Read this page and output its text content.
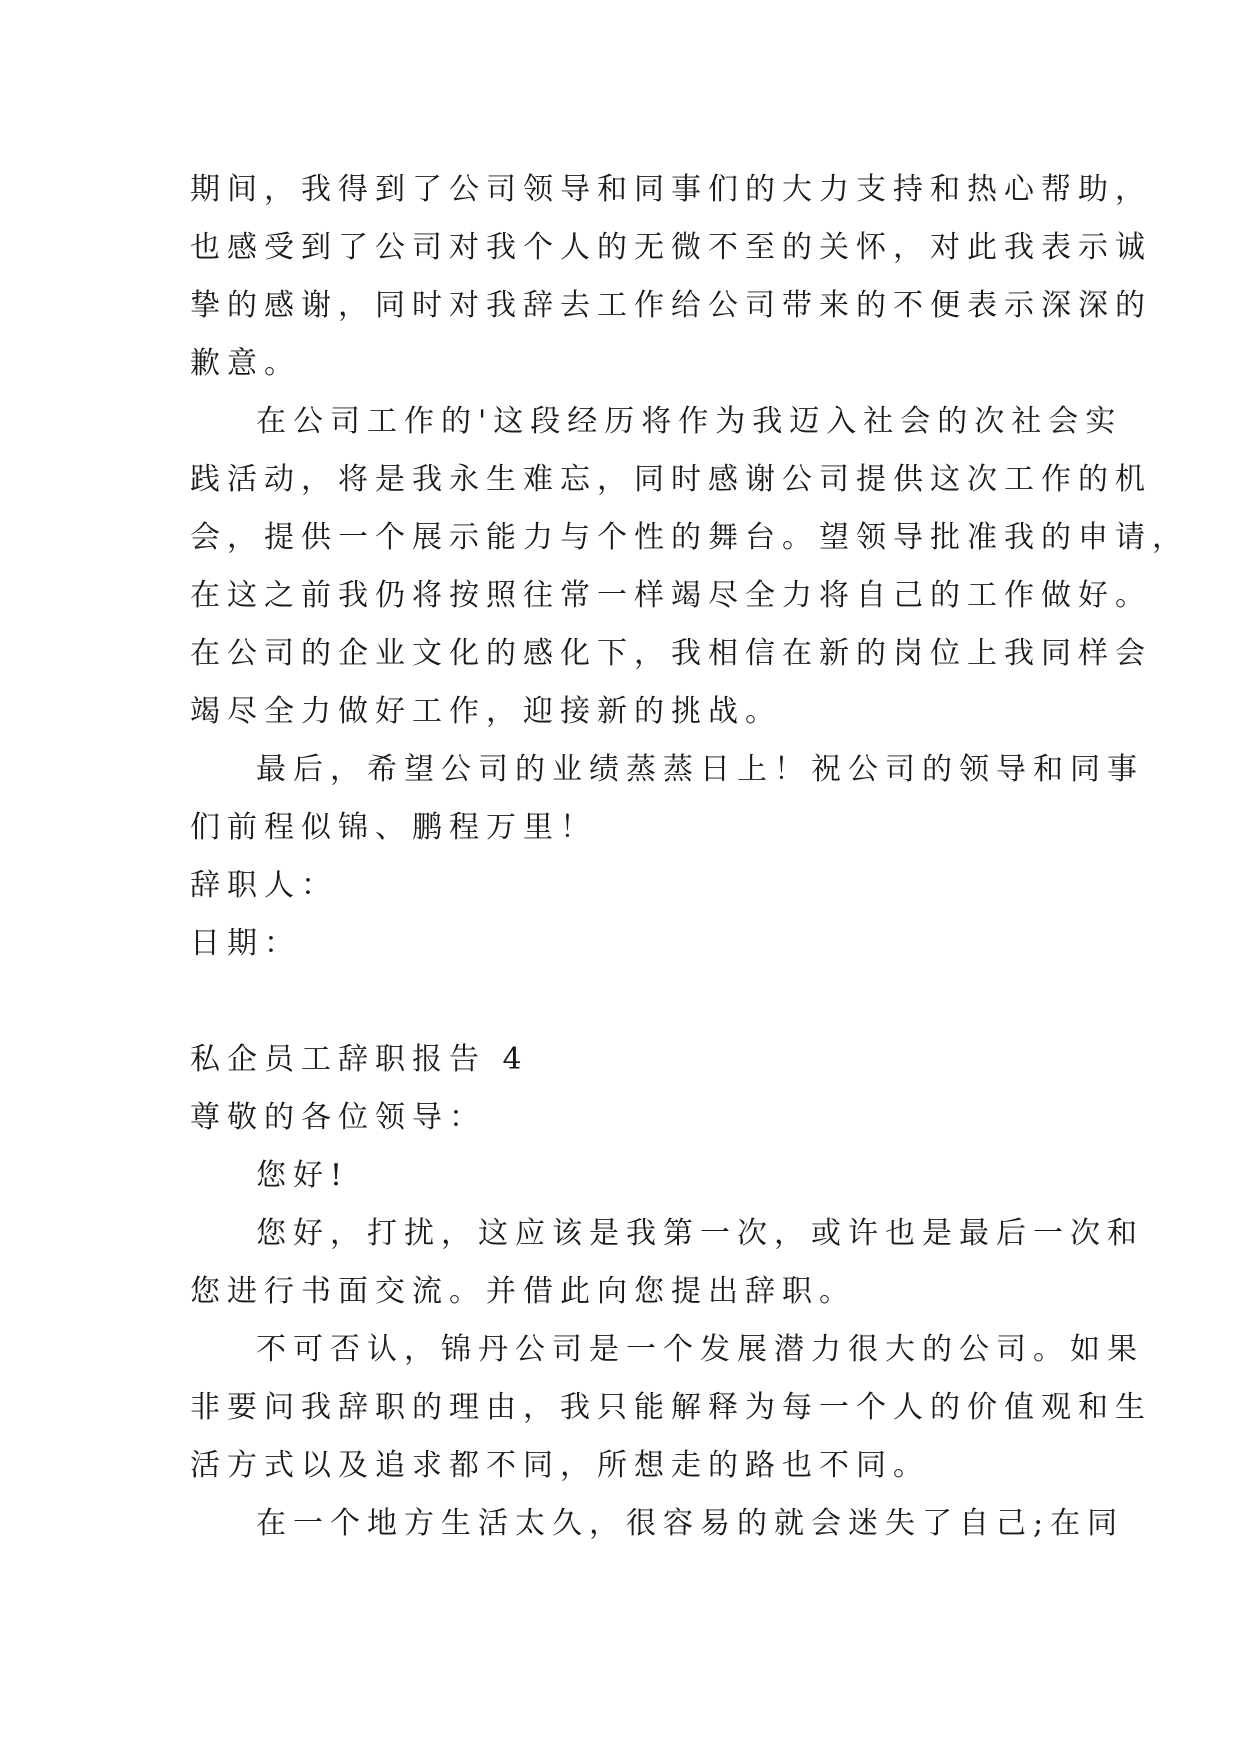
期间，我得到了公司领导和同事们的大力支持和热心帮助，
也感受到了公司对我个人的无微不至的关怀，对此我表示诚
挚的感谢，同时对我辞去工作给公司带来的不便表示深深的
歉意。
在公司工作的'这段经历将作为我迈入社会的次社会实
践活动，将是我永生难忘，同时感谢公司提供这次工作的机
会，提供一个展示能力与个性的舞台。望领导批准我的申请，
在这之前我仍将按照往常一样竭尽全力将自己的工作做好。
在公司的企业文化的感化下，我相信在新的岗位上我同样会
竭尽全力做好工作，迎接新的挑战。
最后，希望公司的业绩蒸蒸日上！祝公司的领导和同事
们前程似锦、鹏程万里！
辞职人：
日期：
私企员工辞职报告 4
尊敬的各位领导：
您好!
您好，打扰，这应该是我第一次，或许也是最后一次和
您进行书面交流。并借此向您提出辞职。
不可否认，锦丹公司是一个发展潜力很大的公司。如果
非要问我辞职的理由，我只能解释为每一个人的价值观和生
活方式以及追求都不同，所想走的路也不同。
在一个地方生活太久，很容易的就会迷失了自己;在同
